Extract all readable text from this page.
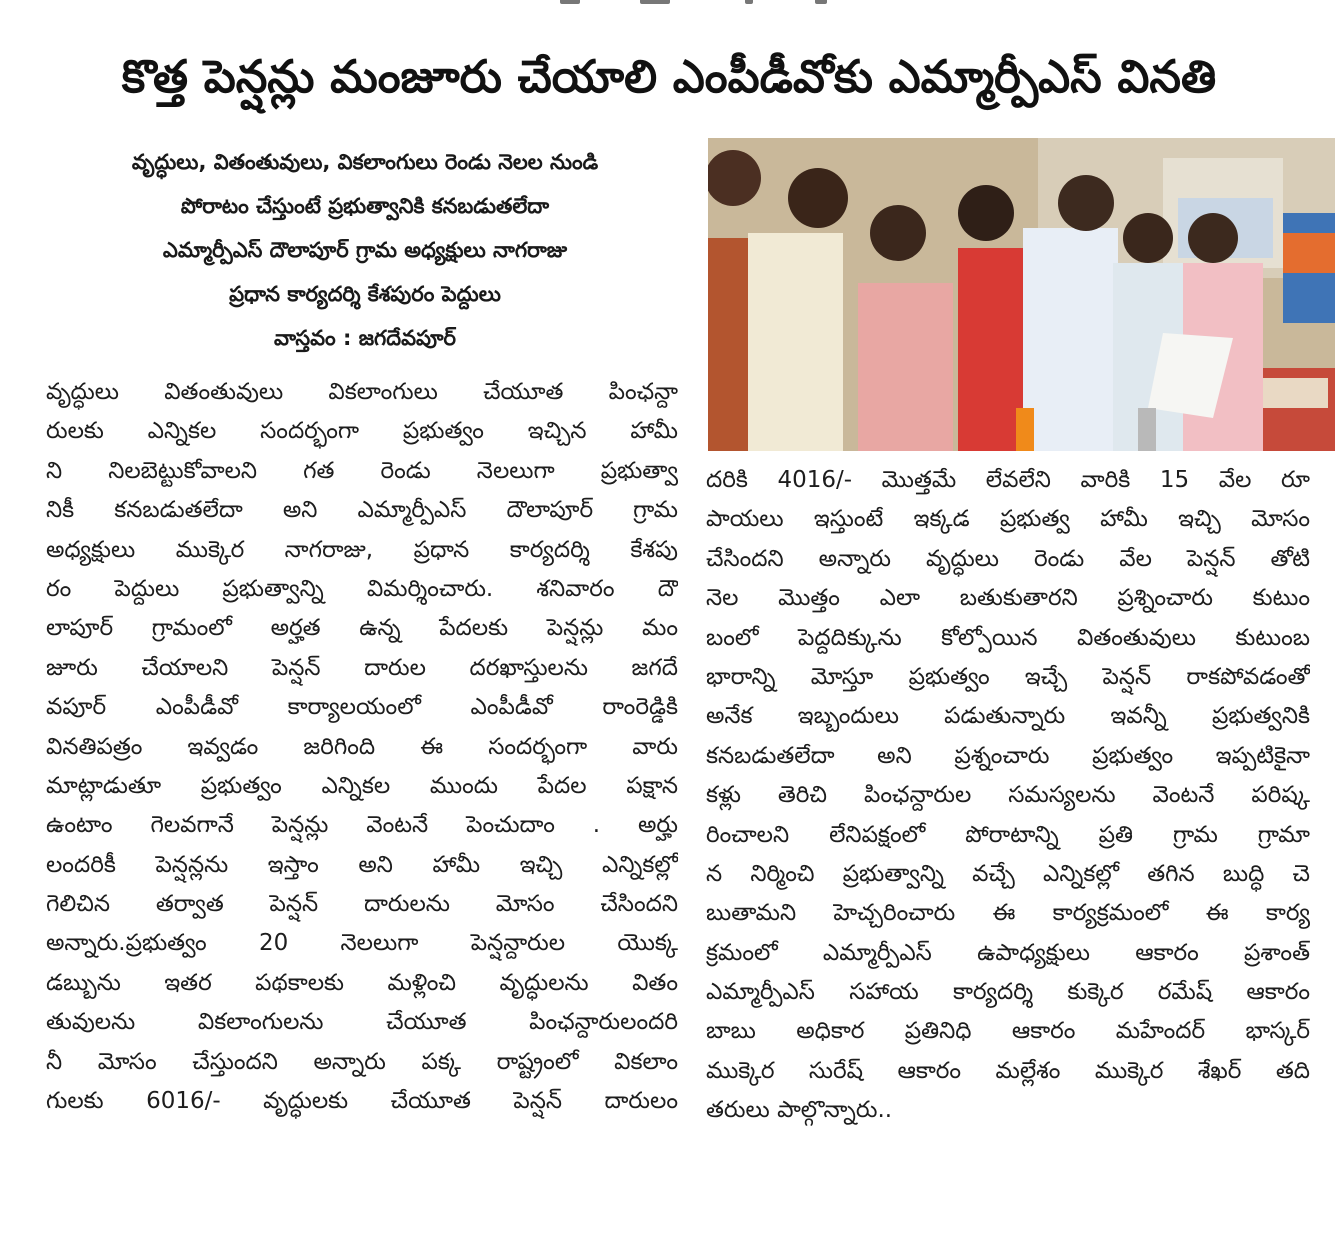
కొత్త పెన్షన్లు మంజూరు చేయాలి ఎంపీడీవోకు ఎమ్మార్పీఎస్ వినతి
వృద్ధులు, వితంతువులు, వికలాంగులు రెండు నెలల నుండి
పోరాటం చేస్తుంటే ప్రభుత్వానికి కనబడుతలేదా
ఎమ్మార్పీఎస్ దౌలాపూర్ గ్రామ అధ్యక్షులు నాగరాజు
ప్రధాన కార్యదర్శి కేశపురం పెద్దులు
వాస్తవం : జగదేవపూర్
వృద్ధులు వితంతువులు వికలాంగులు చేయూత పింఛన్దా
రులకు ఎన్నికల సందర్భంగా ప్రభుత్వం ఇచ్చిన హామీ
ని నిలబెట్టుకోవాలని గత రెండు నెలలుగా ప్రభుత్వా
నికీ కనబడుతలేదా అని ఎమ్మార్పీఎస్ దౌలాపూర్ గ్రామ
అధ్యక్షులు ముక్కెర నాగరాజు, ప్రధాన కార్యదర్శి కేశపు
రం పెద్దులు ప్రభుత్వాన్ని విమర్శించారు. శనివారం దౌ
లాపూర్ గ్రామంలో అర్హత ఉన్న పేదలకు పెన్షన్లు మం
జూరు చేయాలని పెన్షన్ దారుల దరఖాస్తులను జగదే
వపూర్ ఎంపీడీవో కార్యాలయంలో ఎంపీడీవో రాంరెడ్డికి
వినతిపత్రం ఇవ్వడం జరిగింది ఈ సందర్భంగా వారు
మాట్లాడుతూ ప్రభుత్వం ఎన్నికల ముందు పేదల పక్షాన
ఉంటాం గెలవగానే పెన్షన్లు వెంటనే పెంచుదాం . అర్హు
లందరికీ పెన్షన్లను ఇస్తాం అని హామీ ఇచ్చి ఎన్నికల్లో
గెలిచిన తర్వాత పెన్షన్ దారులను మోసం చేసిందని
అన్నారు.ప్రభుత్వం 20 నెలలుగా పెన్షన్దారుల యొక్క
డబ్బును ఇతర పథకాలకు మళ్లించి వృద్ధులను వితం
తువులను వికలాంగులను చేయూత పింఛన్దారులందరి
నీ మోసం చేస్తుందని అన్నారు పక్క రాష్ట్రంలో వికలాం
గులకు 6016/- వృద్ధులకు చేయూత పెన్షన్ దారులం
దరికి 4016/- మొత్తమే లేవలేని వారికి 15 వేల రూ
పాయలు ఇస్తుంటే ఇక్కడ ప్రభుత్వ హామీ ఇచ్చి మోసం
చేసిందని అన్నారు వృద్ధులు రెండు వేల పెన్షన్ తోటి
నెల మొత్తం ఎలా బతుకుతారని ప్రశ్నించారు కుటుం
బంలో పెద్దదిక్కును కోల్పోయిన వితంతువులు కుటుంబ
భారాన్ని మోస్తూ ప్రభుత్వం ఇచ్చే పెన్షన్ రాకపోవడంతో
అనేక ఇబ్బందులు పడుతున్నారు ఇవన్నీ ప్రభుత్వనికి
కనబడుతలేదా అని ప్రశ్నంచారు ప్రభుత్వం ఇప్పటికైనా
కళ్లు తెరిచి పింఛన్దారుల సమస్యలను వెంటనే పరిష్క
రించాలని లేనిపక్షంలో పోరాటాన్ని ప్రతి గ్రామ గ్రామా
న నిర్మించి ప్రభుత్వాన్ని వచ్చే ఎన్నికల్లో తగిన బుద్ధి చె
బుతామని హెచ్చరించారు ఈ కార్యక్రమంలో ఈ కార్య
క్రమంలో ఎమ్మార్పీఎస్ ఉపాధ్యక్షులు ఆకారం ప్రశాంత్
ఎమ్మార్పీఎస్ సహాయ కార్యదర్శి కుక్కెర రమేష్ ఆకారం
బాబు అధికార ప్రతినిధి ఆకారం మహేందర్ భాస్కర్
ముక్కెర సురేష్ ఆకారం మల్లేశం ముక్కెర శేఖర్ తది
తరులు పాల్గొన్నారు..
